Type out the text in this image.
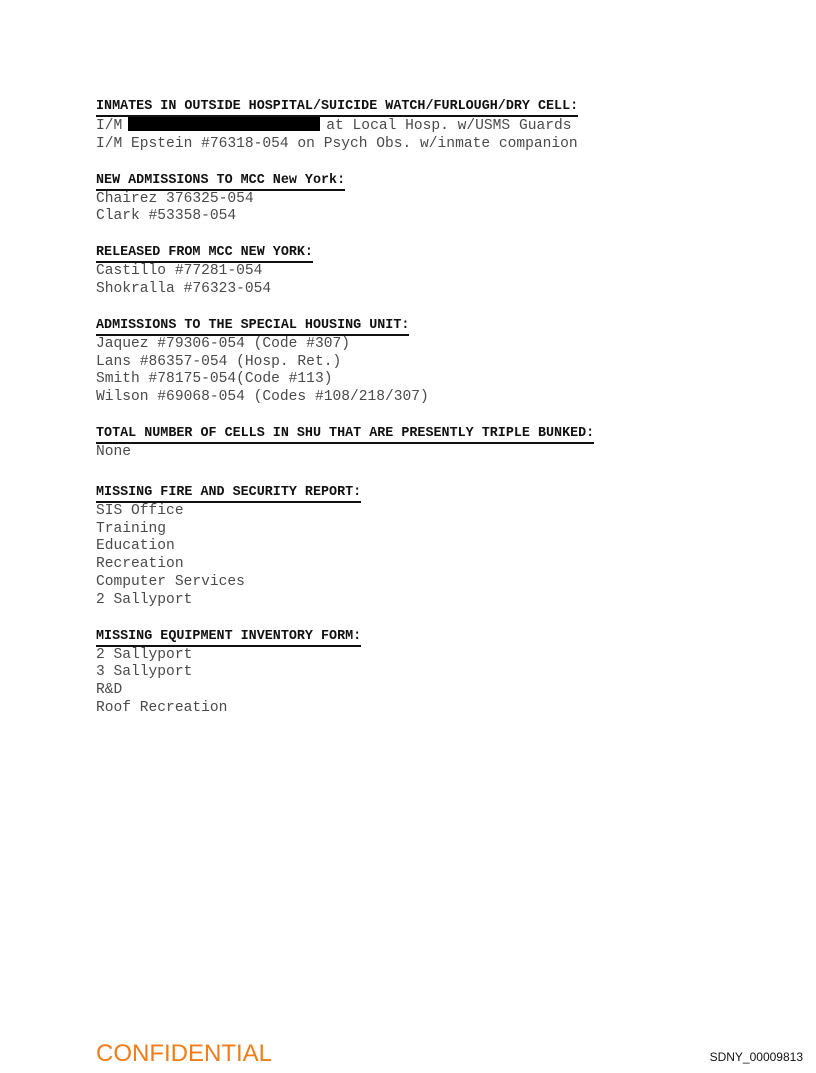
INMATES IN OUTSIDE HOSPITAL/SUICIDE WATCH/FURLOUGH/DRY CELL:
I/M	at Local Hosp. w/USMS Guards
I/M Epstein #76318-054 on Psych Obs. w/inmate companion
NEW ADMISSIONS TO MCC New York:
Chairez 376325-054
Clark #53358-054
RELEASED FROM MCC NEW YORK:
Castillo #77281-054
Shokralla #76323-054
ADMISSIONS TO THE SPECIAL HOUSING UNIT:
Jaquez #79306-054 (Code #307)
Lans #86357-054 (Hosp. Ret.)
Smith #78175-054(Code #113)
Wilson #69068-054 (Codes #108/218/307)
TOTAL NUMBER OF CELLS IN SHU THAT ARE PRESENTLY TRIPLE BUNKED:
None
MISSING FIRE AND SECURITY REPORT:
SIS Office
Training
Education
Recreation
Computer Services
2 Sallyport
MISSING EQUIPMENT INVENTORY FORM:
2 Sallyport
3 Sallyport
R&D
Roof Recreation
CONFIDENTIAL	SDNY_00009813
